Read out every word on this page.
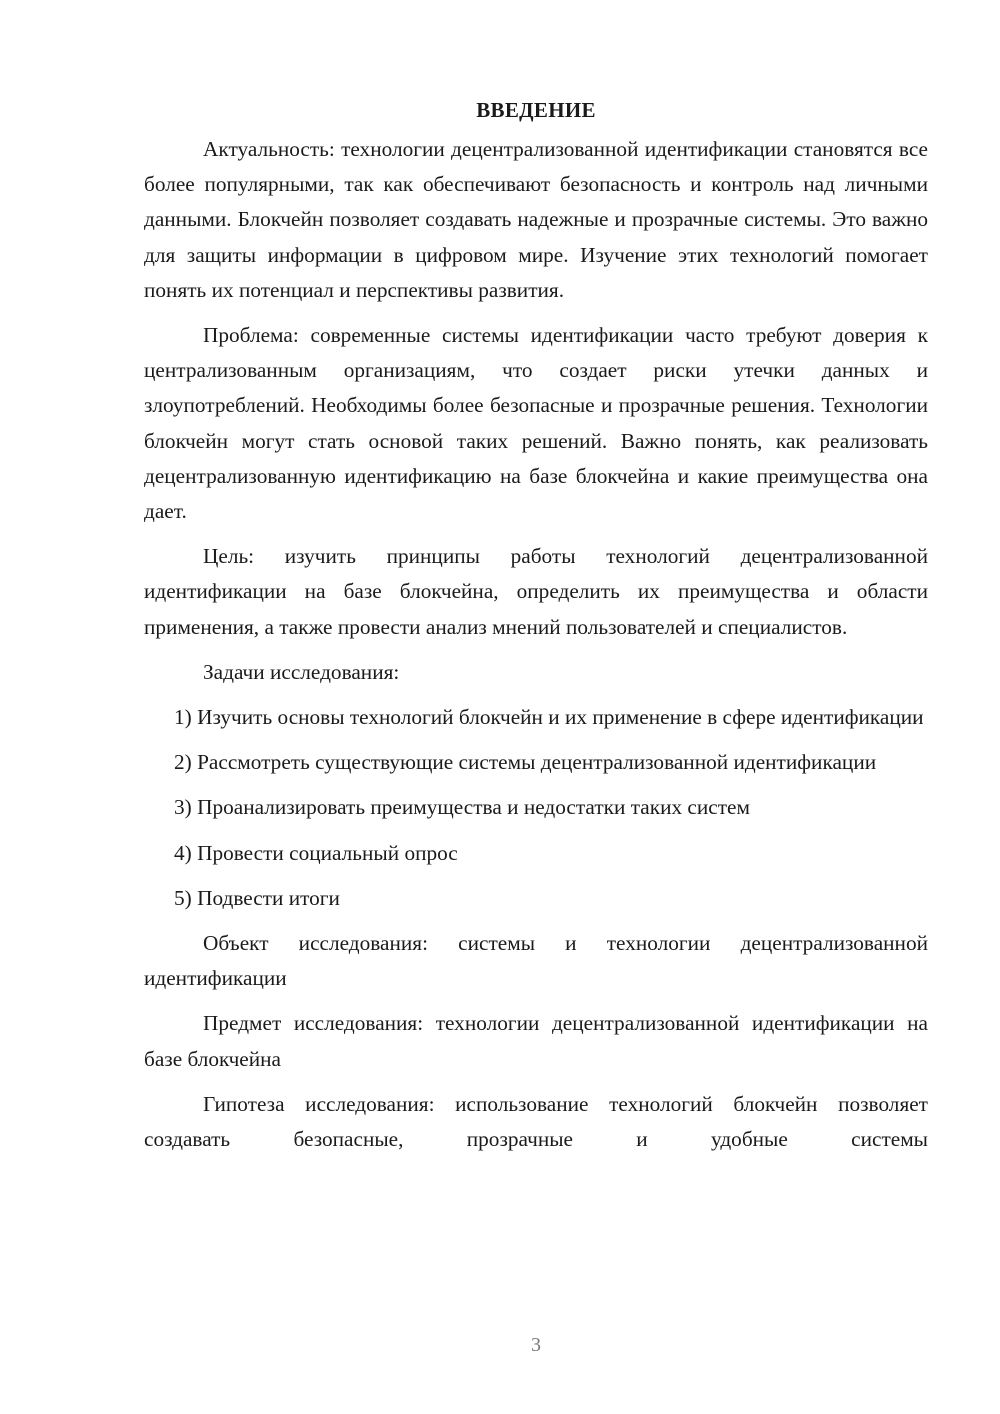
ВВЕДЕНИЕ

Актуальность: технологии децентрализованной идентификации становятся все более популярными, так как обеспечивают безопасность и контроль над личными данными. Блокчейн позволяет создавать надежные и прозрачные системы. Это важно для защиты информации в цифровом мире. Изучение этих технологий помогает понять их потенциал и перспективы развития.

Проблема: современные системы идентификации часто требуют доверия к централизованным организациям, что создает риски утечки данных и злоупотреблений. Необходимы более безопасные и прозрачные решения. Технологии блокчейн могут стать основой таких решений. Важно понять, как реализовать децентрализованную идентификацию на базе блокчейна и какие преимущества она дает.

Цель: изучить принципы работы технологий децентрализованной идентификации на базе блокчейна, определить их преимущества и области применения, а также провести анализ мнений пользователей и специалистов.

Задачи исследования:

1) Изучить основы технологий блокчейн и их применение в сфере идентификации

2) Рассмотреть существующие системы децентрализованной идентификации

3) Проанализировать преимущества и недостатки таких систем

4) Провести социальный опрос

5) Подвести итоги

Объект исследования: системы и технологии децентрализованной идентификации

Предмет исследования: технологии децентрализованной идентификации на базе блокчейна

Гипотеза исследования: использование технологий блокчейн позволяет создавать безопасные, прозрачные и удобные системы

3
